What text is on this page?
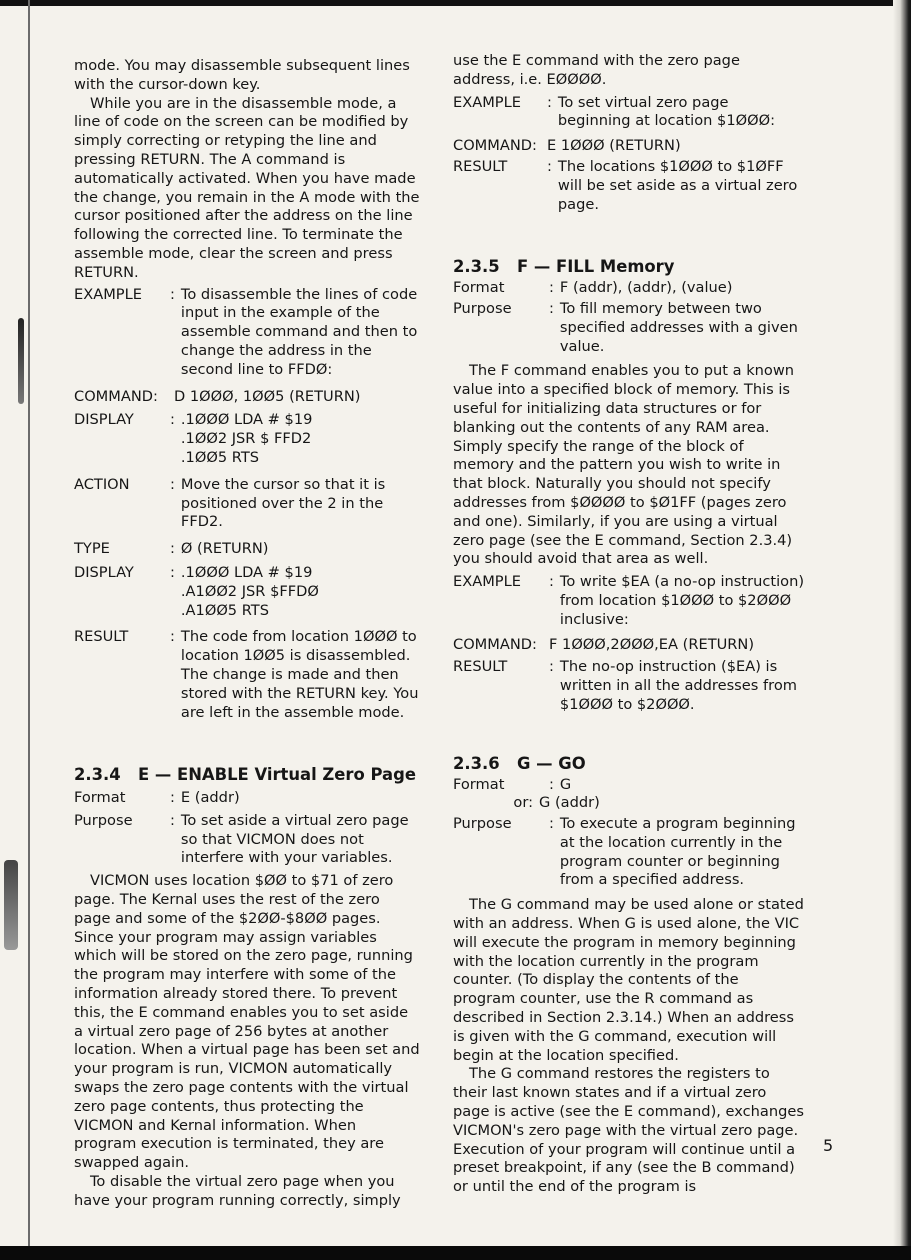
mode. You may disassemble subsequent lines with the cursor-down key.

While you are in the disassemble mode, a line of code on the screen can be modified by simply correcting or retyping the line and pressing RETURN. The A command is automatically activated. When you have made the change, you remain in the A mode with the cursor positioned after the address on the line following the corrected line. To terminate the assemble mode, clear the screen and press RETURN.

EXAMPLE	: To disassemble the lines of code input in the example of the assemble command and then to change the address in the second line to FFDØ:
COMMAND:	D 1ØØØ, 1ØØ5 (RETURN)
DISPLAY	: .1ØØØ LDA # $19
.1ØØ2 JSR $ FFD2
.1ØØ5 RTS
ACTION	: Move the cursor so that it is positioned over the 2 in the FFD2.
TYPE	: Ø (RETURN)
DISPLAY	: .1ØØØ LDA # $19
.A1ØØ2 JSR $FFDØ
.A1ØØ5 RTS
RESULT	: The code from location 1ØØØ to location 1ØØ5 is disassembled. The change is made and then stored with the RETURN key. You are left in the assemble mode.

2.3.4 E — ENABLE Virtual Zero Page

Format	: E (addr)
Purpose	: To set aside a virtual zero page so that VICMON does not interfere with your variables.

VICMON uses location $ØØ to $71 of zero page. The Kernal uses the rest of the zero page and some of the $2ØØ-$8ØØ pages. Since your program may assign variables which will be stored on the zero page, running the program may interfere with some of the information already stored there. To prevent this, the E command enables you to set aside a virtual zero page of 256 bytes at another location. When a virtual page has been set and your program is run, VICMON automatically swaps the zero page contents with the virtual zero page contents, thus protecting the VICMON and Kernal information. When program execution is terminated, they are swapped again.

To disable the virtual zero page when you have your program running correctly, simply

use the E command with the zero page address, i.e. EØØØØ.

EXAMPLE	: To set virtual zero page beginning at location $1ØØØ:
COMMAND: E 1ØØØ (RETURN)
RESULT	: The locations $1ØØØ to $1ØFF will be set aside as a virtual zero page.

2.3.5 F — FILL Memory

Format	: F (addr), (addr), (value)
Purpose	: To fill memory between two specified addresses with a given value.

The F command enables you to put a known value into a specified block of memory. This is useful for initializing data structures or for blanking out the contents of any RAM area. Simply specify the range of the block of memory and the pattern you wish to write in that block. Naturally you should not specify addresses from $ØØØØ to $Ø1FF (pages zero and one). Similarly, if you are using a virtual zero page (see the E command, Section 2.3.4) you should avoid that area as well.

EXAMPLE	: To write $EA (a no-op instruction) from location $1ØØØ to $2ØØØ inclusive:
COMMAND: F 1ØØØ,2ØØØ,EA (RETURN)
RESULT	: The no-op instruction ($EA) is written in all the addresses from $1ØØØ to $2ØØØ.

2.3.6 G — GO

Format	: G
or: G (addr)
Purpose	: To execute a program beginning at the location currently in the program counter or beginning from a specified address.

The G command may be used alone or stated with an address. When G is used alone, the VIC will execute the program in memory beginning with the location currently in the program counter. (To display the contents of the program counter, use the R command as described in Section 2.3.14.) When an address is given with the G command, execution will begin at the location specified.

The G command restores the registers to their last known states and if a virtual zero page is active (see the E command), exchanges VICMON's zero page with the virtual zero page. Execution of your program will continue until a preset breakpoint, if any (see the B command) or until the end of the program is

5
